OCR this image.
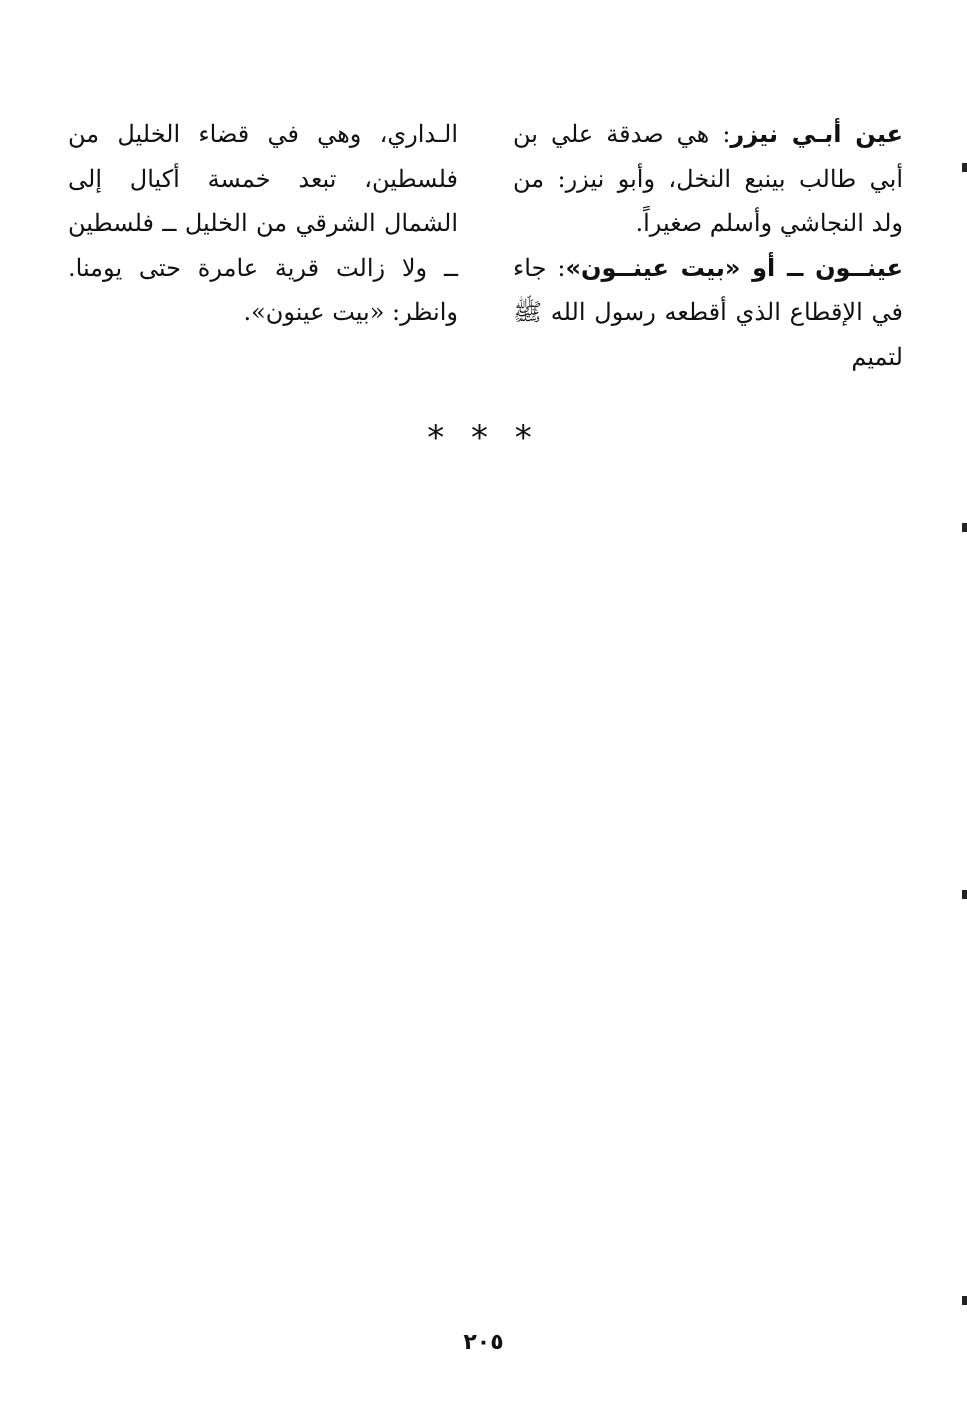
عين أبـي نيزر: هي صدقة علي بن أبي طالب بينبع النخل، وأبو نيزر: من ولد النجاشي وأسلم صغيراً.

عينــون ــ أو «بيت عينــون»: جاء في الإقطاع الذي أقطعه رسول الله ﷺ لتميم

الـداري، وهي في قضاء الخليل من فلسطين، تبعد خمسة أكيال إلى الشمال الشرقي من الخليل ــ فلسطين ــ ولا زالت قرية عامرة حتى يومنا. وانظر: «بيت عينون».

* * *
٢٠٥
